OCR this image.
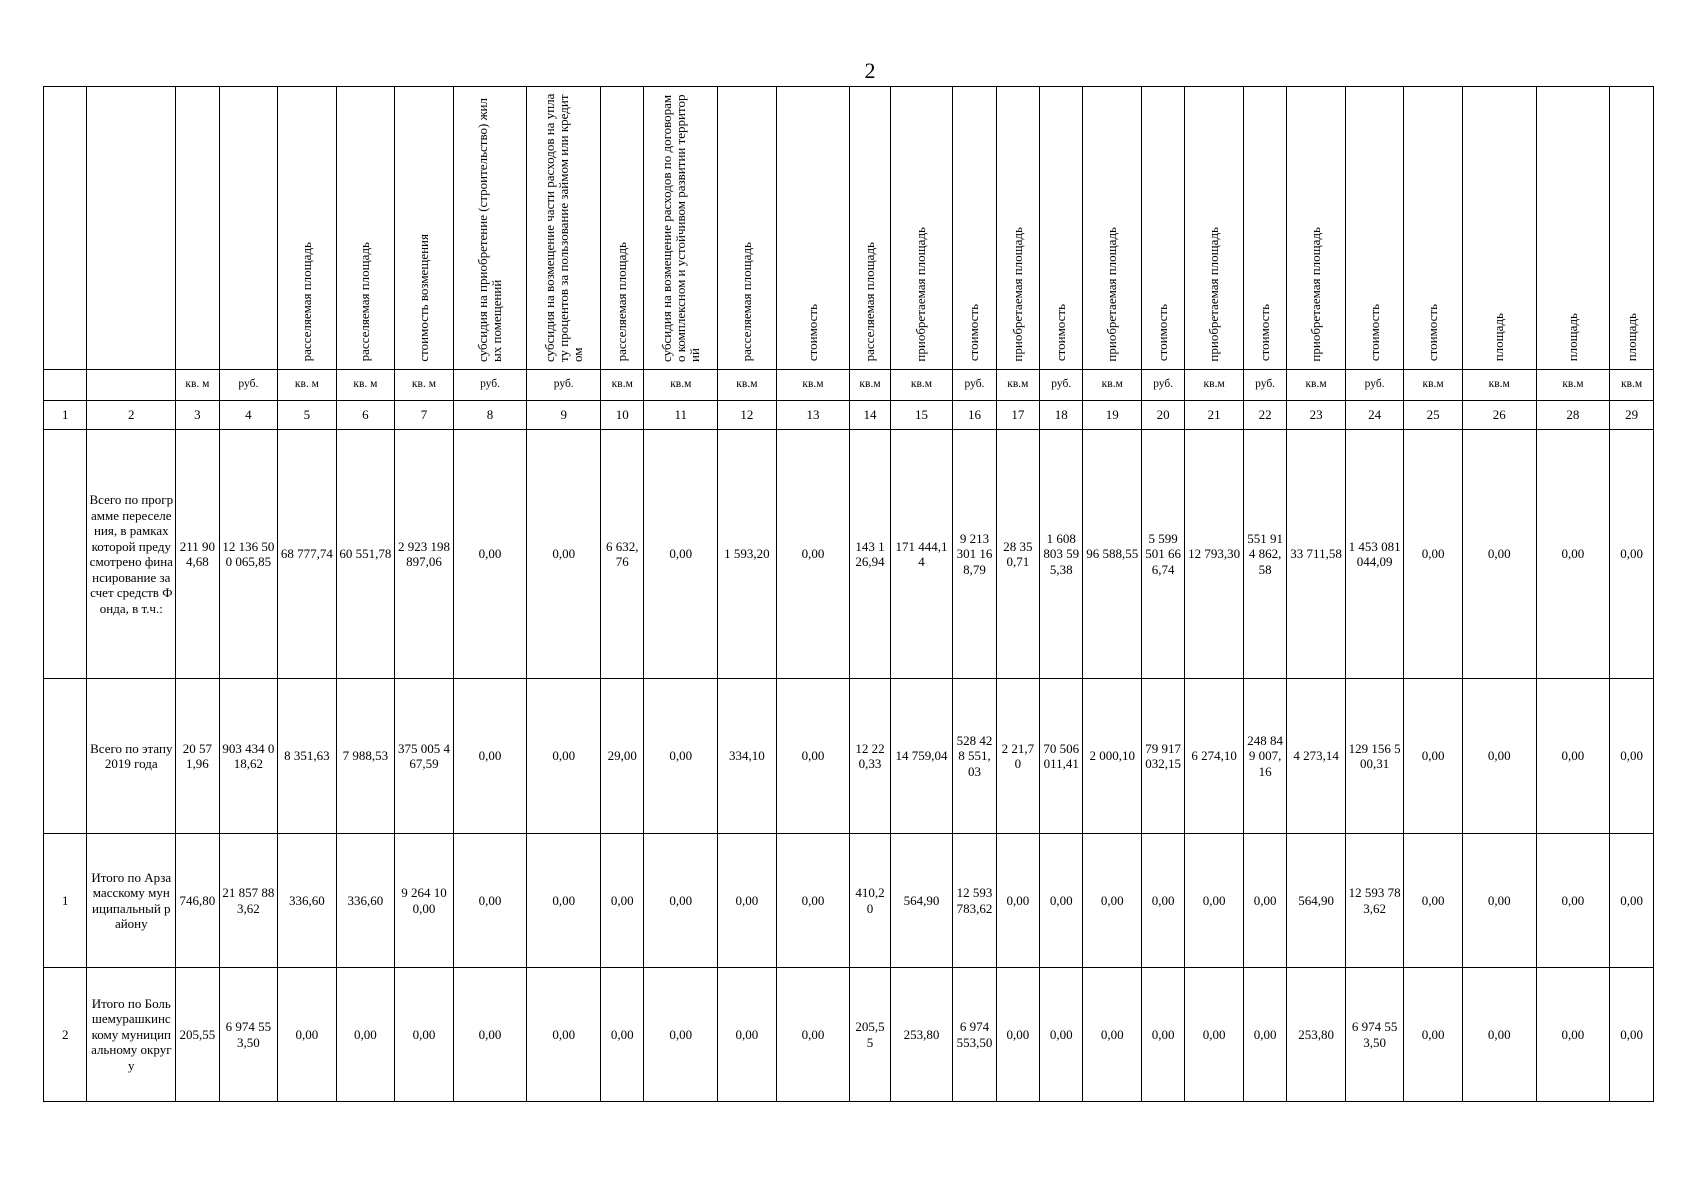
2
				расселяемая площадь	расселяемая площадь	стоимость возмещения	субсидия на приобретение (строительство) жилых помещений	субсидия на возмещение части расходов на уплату процентов за пользование займом или кредитом	расселяемая площадь	субсидия на возмещение расходов по договорам о комплексном и устойчивом развитии территорий	расселяемая площадь	стоимость	расселяемая площадь	приобретаемая площадь	стоимость	приобретаемая площадь	стоимость	приобретаемая площадь	стоимость	приобретаемая площадь	стоимость	приобретаемая площадь	стоимость	стоимость	площадь	площадь	площадь
		кв. м	руб.	кв. м	кв. м	кв. м	руб.	руб.	кв.м	кв.м	кв.м	кв.м	кв.м	кв.м	руб.	кв.м	руб.	кв.м	руб.	кв.м	руб.	кв.м	руб.	кв.м	кв.м	кв.м	кв.м
1	2	3	4	5	6	7	8	9	10	11	12	13	14	15	16	17	18	19	20	21	22	23	24	25	26	28	29
	Всего по программе переселения, в рамках которой предусмотрено финансирование за счет средств Фонда, в т.ч.:	211 904,68	12 136 500 065,85	68 777,74	60 551,78	2 923 198 897,06	0,00	0,00	6 632,76	0,00	1 593,20	0,00	143 126,94	171 444,14	9 213 301 168,79	28 350,71	1 608 803 595,38	96 588,55	5 599 501 666,74	12 793,30	551 914 862,58	33 711,58	1 453 081 044,09	0,00	0,00	0,00	0,00
	Всего по этапу 2019 года	20 571,96	903 434 018,62	8 351,63	7 988,53	375 005 467,59	0,00	0,00	29,00	0,00	334,10	0,00	12 220,33	14 759,04	528 428 551,03	2 21,70	70 506 011,41	2 000,10	79 917 032,15	6 274,10	248 849 007,16	4 273,14	129 156 500,31	0,00	0,00	0,00	0,00
1	Итого по Арзамасскому муниципальный району	746,80	21 857 883,62	336,60	336,60	9 264 100,00	0,00	0,00	0,00	0,00	0,00	0,00	410,20	564,90	12 593 783,62	0,00	0,00	0,00	0,00	0,00	0,00	564,90	12 593 783,62	0,00	0,00	0,00	0,00
2	Итого по Большемурашкинскому муниципальному округу	205,55	6 974 553,50	0,00	0,00	0,00	0,00	0,00	0,00	0,00	0,00	0,00	205,55	253,80	6 974 553,50	0,00	0,00	0,00	0,00	0,00	0,00	253,80	6 974 553,50	0,00	0,00	0,00	0,00
